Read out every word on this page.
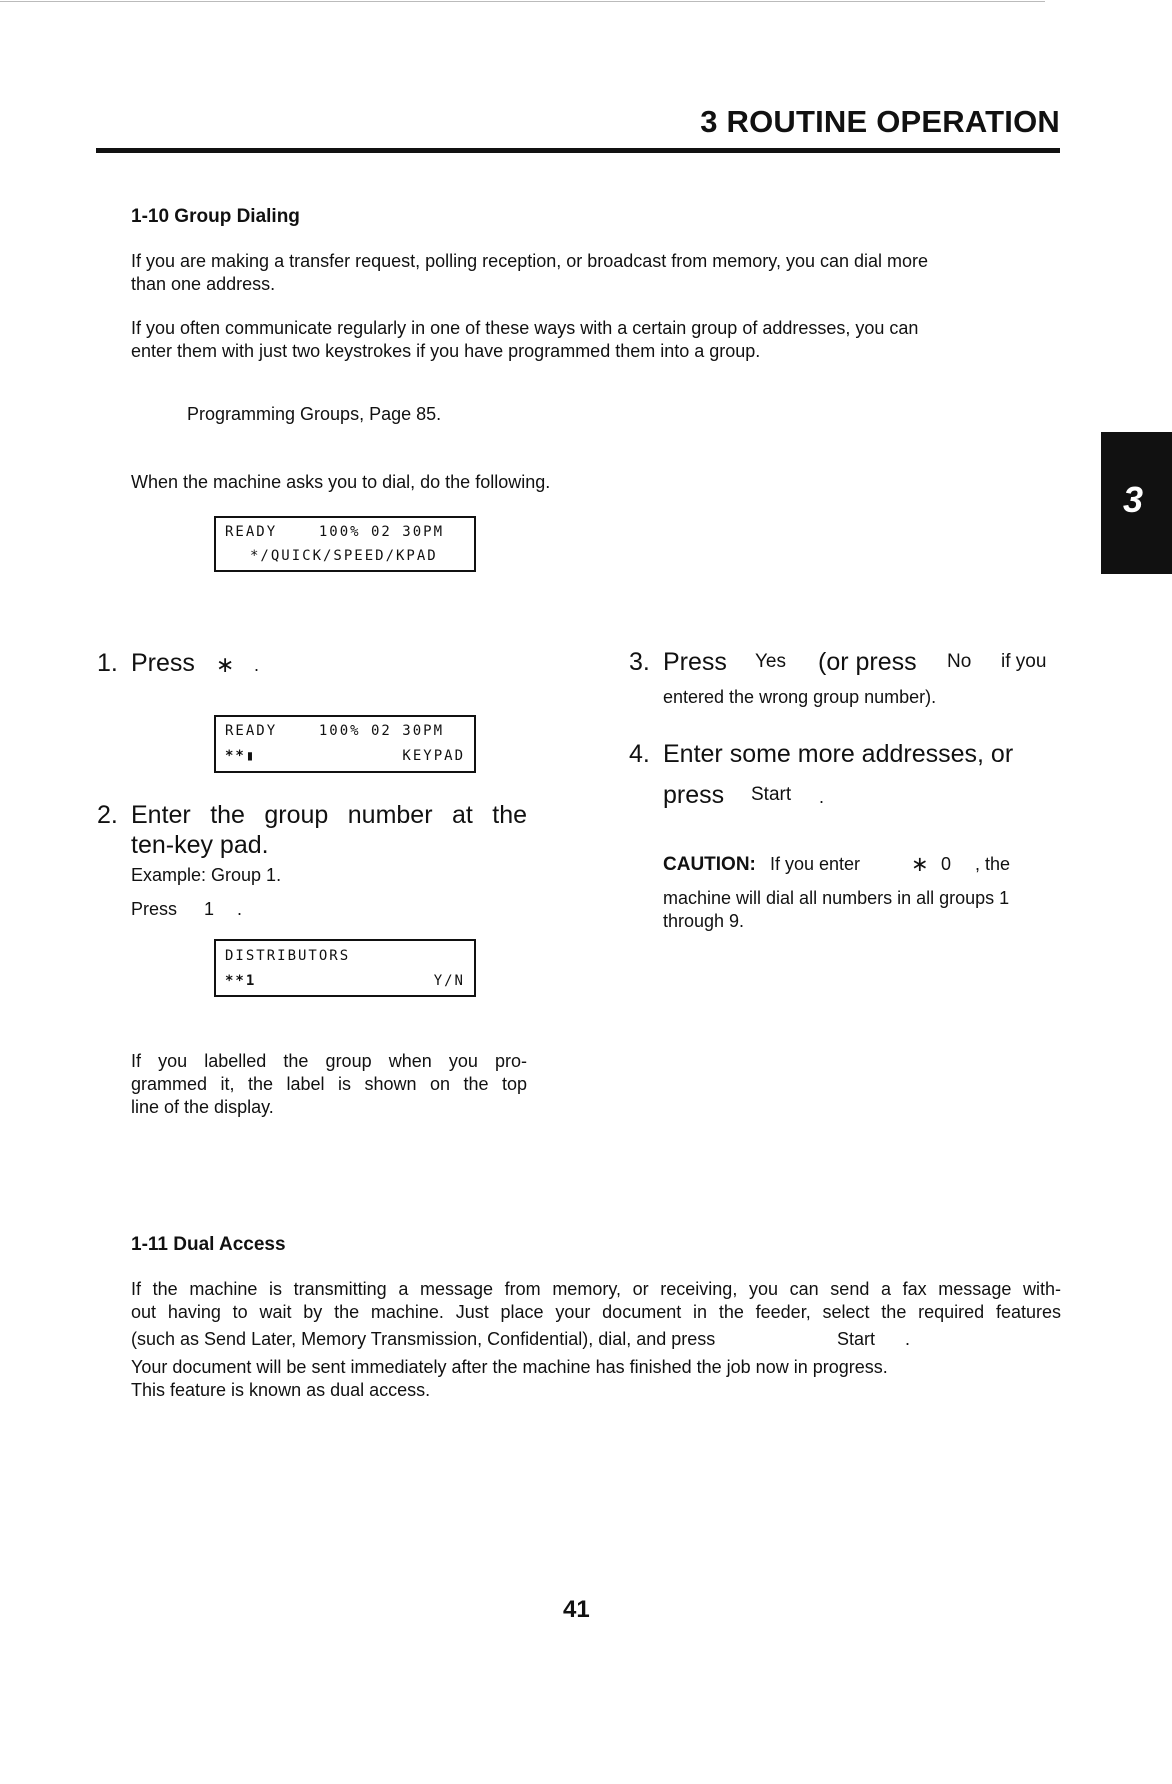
3 ROUTINE OPERATION
3
1-10 Group Dialing
If you are making a transfer request, polling reception, or broadcast from memory, you can dial more
than one address.
If you often communicate regularly in one of these ways with a certain group of addresses, you can
enter them with just two keystrokes if you have programmed them into a group.
Programming Groups, Page 85.
When the machine asks you to dial, do the following.
READY    100% 02 30PM
*/QUICK/SPEED/KPAD
1. Press ∗ .
READY    100% 02 30PM
**▮	KEYPAD
2. Enter the group number at the
ten-key pad.
Example: Group 1.
Press 1 .
DISTRIBUTORS
**1	Y/N
If you labelled the group when you pro-
grammed it, the label is shown on the top
line of the display.
3. Press Yes (or press No if you
entered the wrong group number).
4. Enter some more addresses, or
press Start .
CAUTION: If you enter ∗ 0 , the
machine will dial all numbers in all groups 1
through 9.
1-11 Dual Access
If the machine is transmitting a message from memory, or receiving, you can send a fax message with-
out having to wait by the machine. Just place your document in the feeder, select the required features
(such as Send Later, Memory Transmission, Confidential), dial, and press	Start .
Your document will be sent immediately after the machine has finished the job now in progress.
This feature is known as dual access.
41
